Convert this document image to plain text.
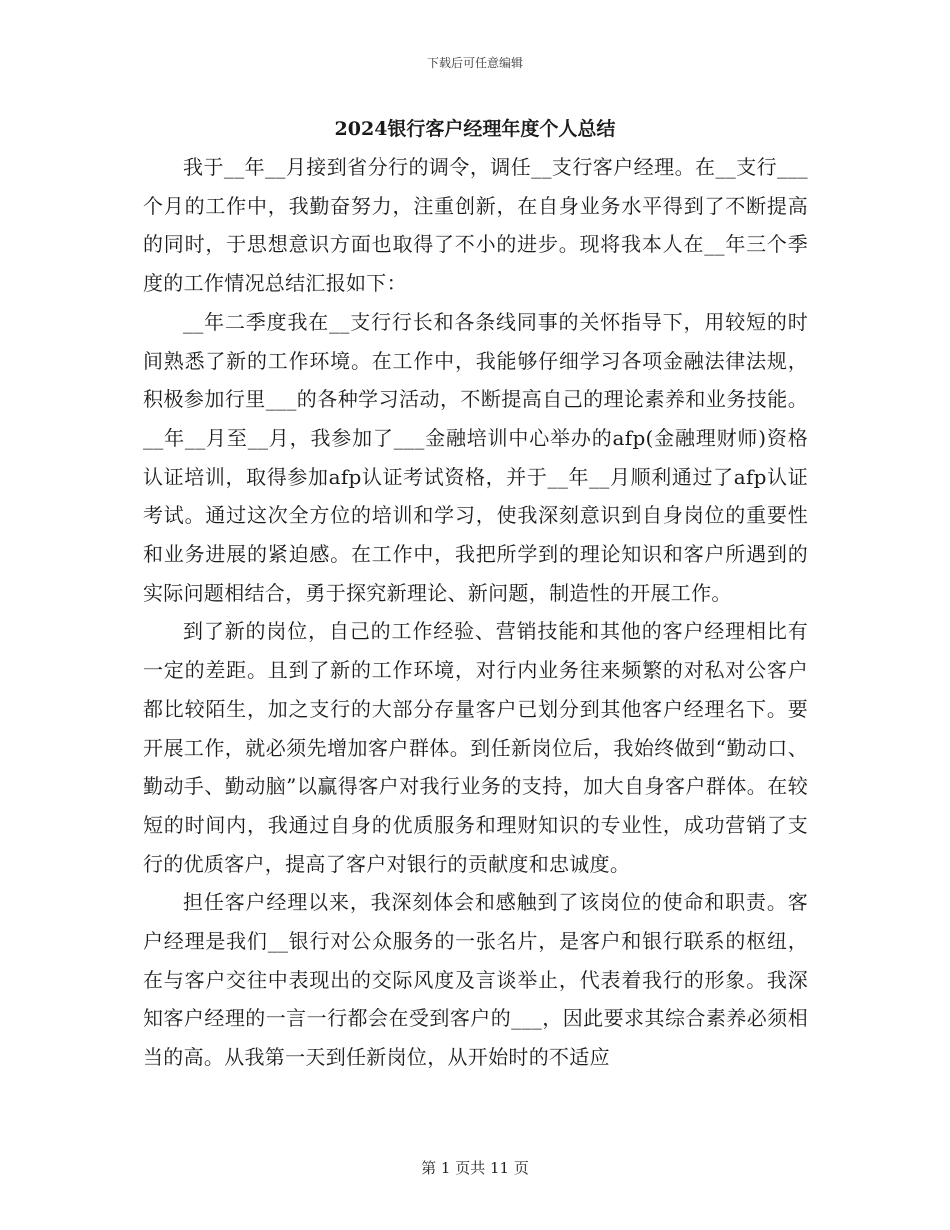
下载后可任意编辑
2024银行客户经理年度个人总结

我于__年__月接到省分行的调令，调任__支行客户经理。在__支行___个月的工作中，我勤奋努力，注重创新，在自身业务水平得到了不断提高的同时，于思想意识方面也取得了不小的进步。现将我本人在__年三个季度的工作情况总结汇报如下：

__年二季度我在__支行行长和各条线同事的关怀指导下，用较短的时间熟悉了新的工作环境。在工作中，我能够仔细学习各项金融法律法规，积极参加行里___的各种学习活动，不断提高自己的理论素养和业务技能。__年__月至__月，我参加了___金融培训中心举办的afp(金融理财师)资格认证培训，取得参加afp认证考试资格，并于__年__月顺利通过了afp认证考试。通过这次全方位的培训和学习，使我深刻意识到自身岗位的重要性和业务进展的紧迫感。在工作中，我把所学到的理论知识和客户所遇到的实际问题相结合，勇于探究新理论、新问题，制造性的开展工作。

到了新的岗位，自己的工作经验、营销技能和其他的客户经理相比有一定的差距。且到了新的工作环境，对行内业务往来频繁的对私对公客户都比较陌生，加之支行的大部分存量客户已划分到其他客户经理名下。要开展工作，就必须先增加客户群体。到任新岗位后，我始终做到“勤动口、勤动手、勤动脑”以赢得客户对我行业务的支持，加大自身客户群体。在较短的时间内，我通过自身的优质服务和理财知识的专业性，成功营销了支行的优质客户，提高了客户对银行的贡献度和忠诚度。

担任客户经理以来，我深刻体会和感触到了该岗位的使命和职责。客户经理是我们__银行对公众服务的一张名片，是客户和银行联系的枢纽，在与客户交往中表现出的交际风度及言谈举止，代表着我行的形象。我深知客户经理的一言一行都会在受到客户的___，因此要求其综合素养必须相当的高。从我第一天到任新岗位，从开始时的不适应

第 1 页共 11 页
